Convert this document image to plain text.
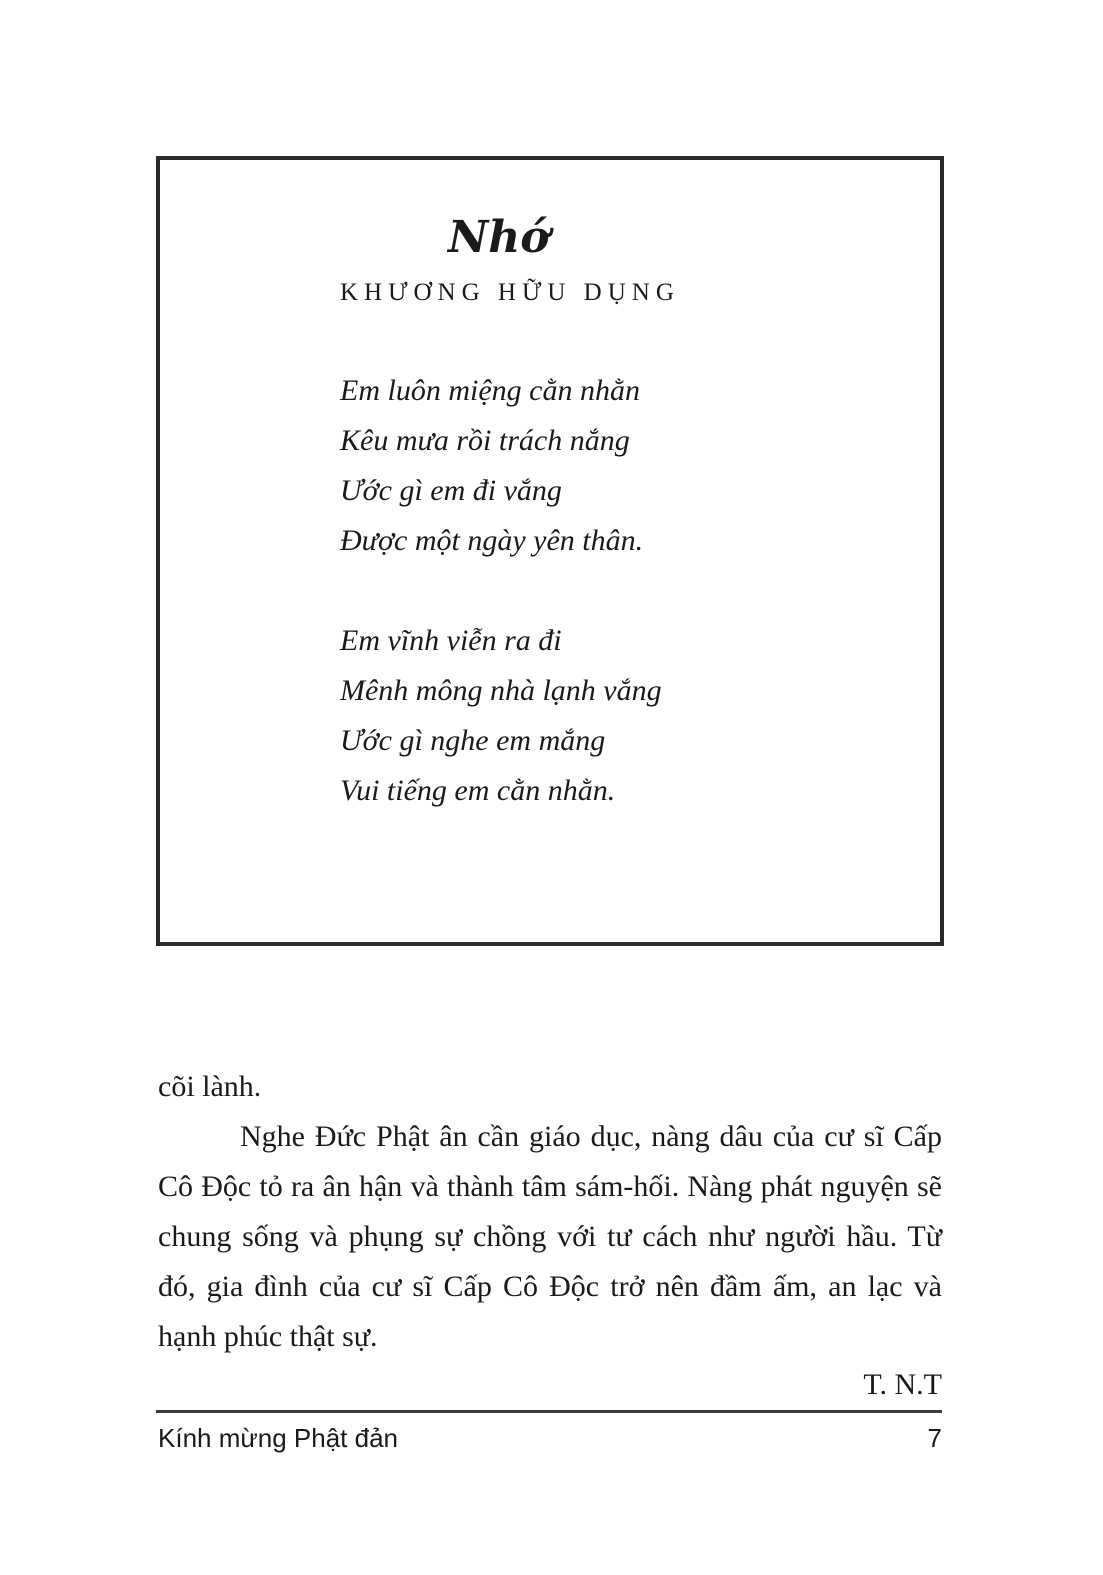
Nhớ
KHƯƠNG HỮU DỤNG
Em luôn miệng cằn nhằn
Kêu mưa rồi trách nắng
Ước gì em đi vắng
Được một ngày yên thân.
Em vĩnh viễn ra đi
Mênh mông nhà lạnh vắng
Ước gì nghe em mắng
Vui tiếng em cằn nhằn.

cõi lành.

Nghe Đức Phật ân cần giáo dục, nàng dâu của cư sĩ Cấp Cô Độc tỏ ra ân hận và thành tâm sám-hối. Nàng phát nguyện sẽ chung sống và phụng sự chồng với tư cách như người hầu. Từ đó, gia đình của cư sĩ Cấp Cô Độc trở nên đầm ấm, an lạc và hạnh phúc thật sự.

T. N.T
Kính mừng Phật đản	7
